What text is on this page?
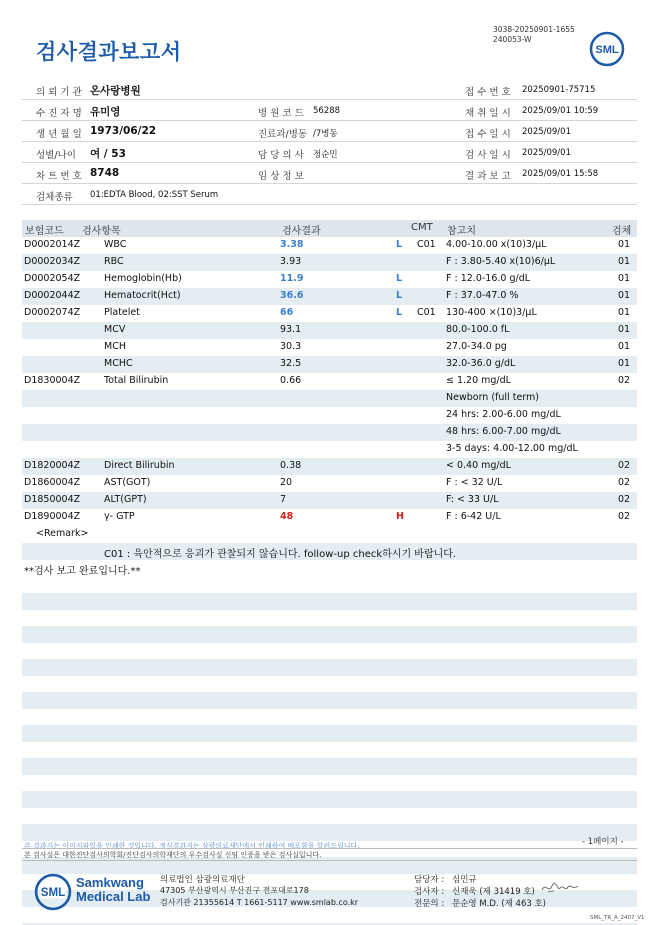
검사결과보고서
3038-20250901-1655
240053-W
SML
의 뢰 기 관 온사랑병원	접 수 번 호 20250901-75715
수 진 자 명 유미영	병 원 코 드 56288	채 취 일 시 2025/09/01 10:59
생 년 월 일 1973/06/22	진료과/병동 /7병동	접 수 일 시 2025/09/01
성별/나이 여 / 53	담 당 의 사 정순민	검 사 일 시 2025/09/01
차 트 번 호 8748	임 상 정 보	결 과 보 고 2025/09/01 15:58
검체종류 01:EDTA Blood, 02:SST Serum
보험코드 검사항목	검사결과	CMT 참고치	검체
D0002014Z	WBC	3.38	L C01 4.00-10.00 x(10)3/μL	01
D0002034Z	RBC	3.93	F : 3.80-5.40 x(10)6/μL	01
D0002054Z	Hemoglobin(Hb)	11.9	L	F : 12.0-16.0 g/dL	01
D0002044Z	Hematocrit(Hct)	36.6	L	F : 37.0-47.0 %	01
D0002074Z	Platelet	66	L C01 130-400 ×(10)3/μL	01
MCV	93.1	80.0-100.0 fL	01
MCH	30.3	27.0-34.0 pg	01
MCHC	32.5	32.0-36.0 g/dL	01
D1830004Z	Total Bilirubin	0.66	≤ 1.20 mg/dL	02
Newborn (full term)
24 hrs: 2.00-6.00 mg/dL
48 hrs: 6.00-7.00 mg/dL
3-5 days: 4.00-12.00 mg/dL
D1820004Z	Direct Bilirubin	0.38	< 0.40 mg/dL	02
D1860004Z	AST(GOT)	20	F : < 32 U/L	02
D1850004Z	ALT(GPT)	7	F: < 33 U/L	02
D1890004Z	γ- GTP	48	H	F : 6-42 U/L	02
<Remark>
C01 : 육안적으로 응괴가 관찰되지 않습니다. follow-up check하시기 바랍니다.
**검사 보고 완료입니다.**
- 1페이지 -
본 결과지는 이미지파일을 인쇄한 것입니다. 정식결과지는 삼광의료재단에서 인쇄하여 배포함을 알려드립니다.
본 검사실은 대한진단검사의학회/진단검사의학재단의 우수검사실 신임 인증을 받은 검사실입니다.
SML
Samkwang
Medical Lab
의료법인 삼광의료재단
47305 부산광역시 부산진구 전포대로178
검사기관 21355614 T 1661-5117 www.smlab.co.kr
담당자 : 심민규
검사자 : 신재욱 (제 31419 호)
전문의 : 문순영 M.D. (제 463 호)
SML_TR_A_2407_V1
